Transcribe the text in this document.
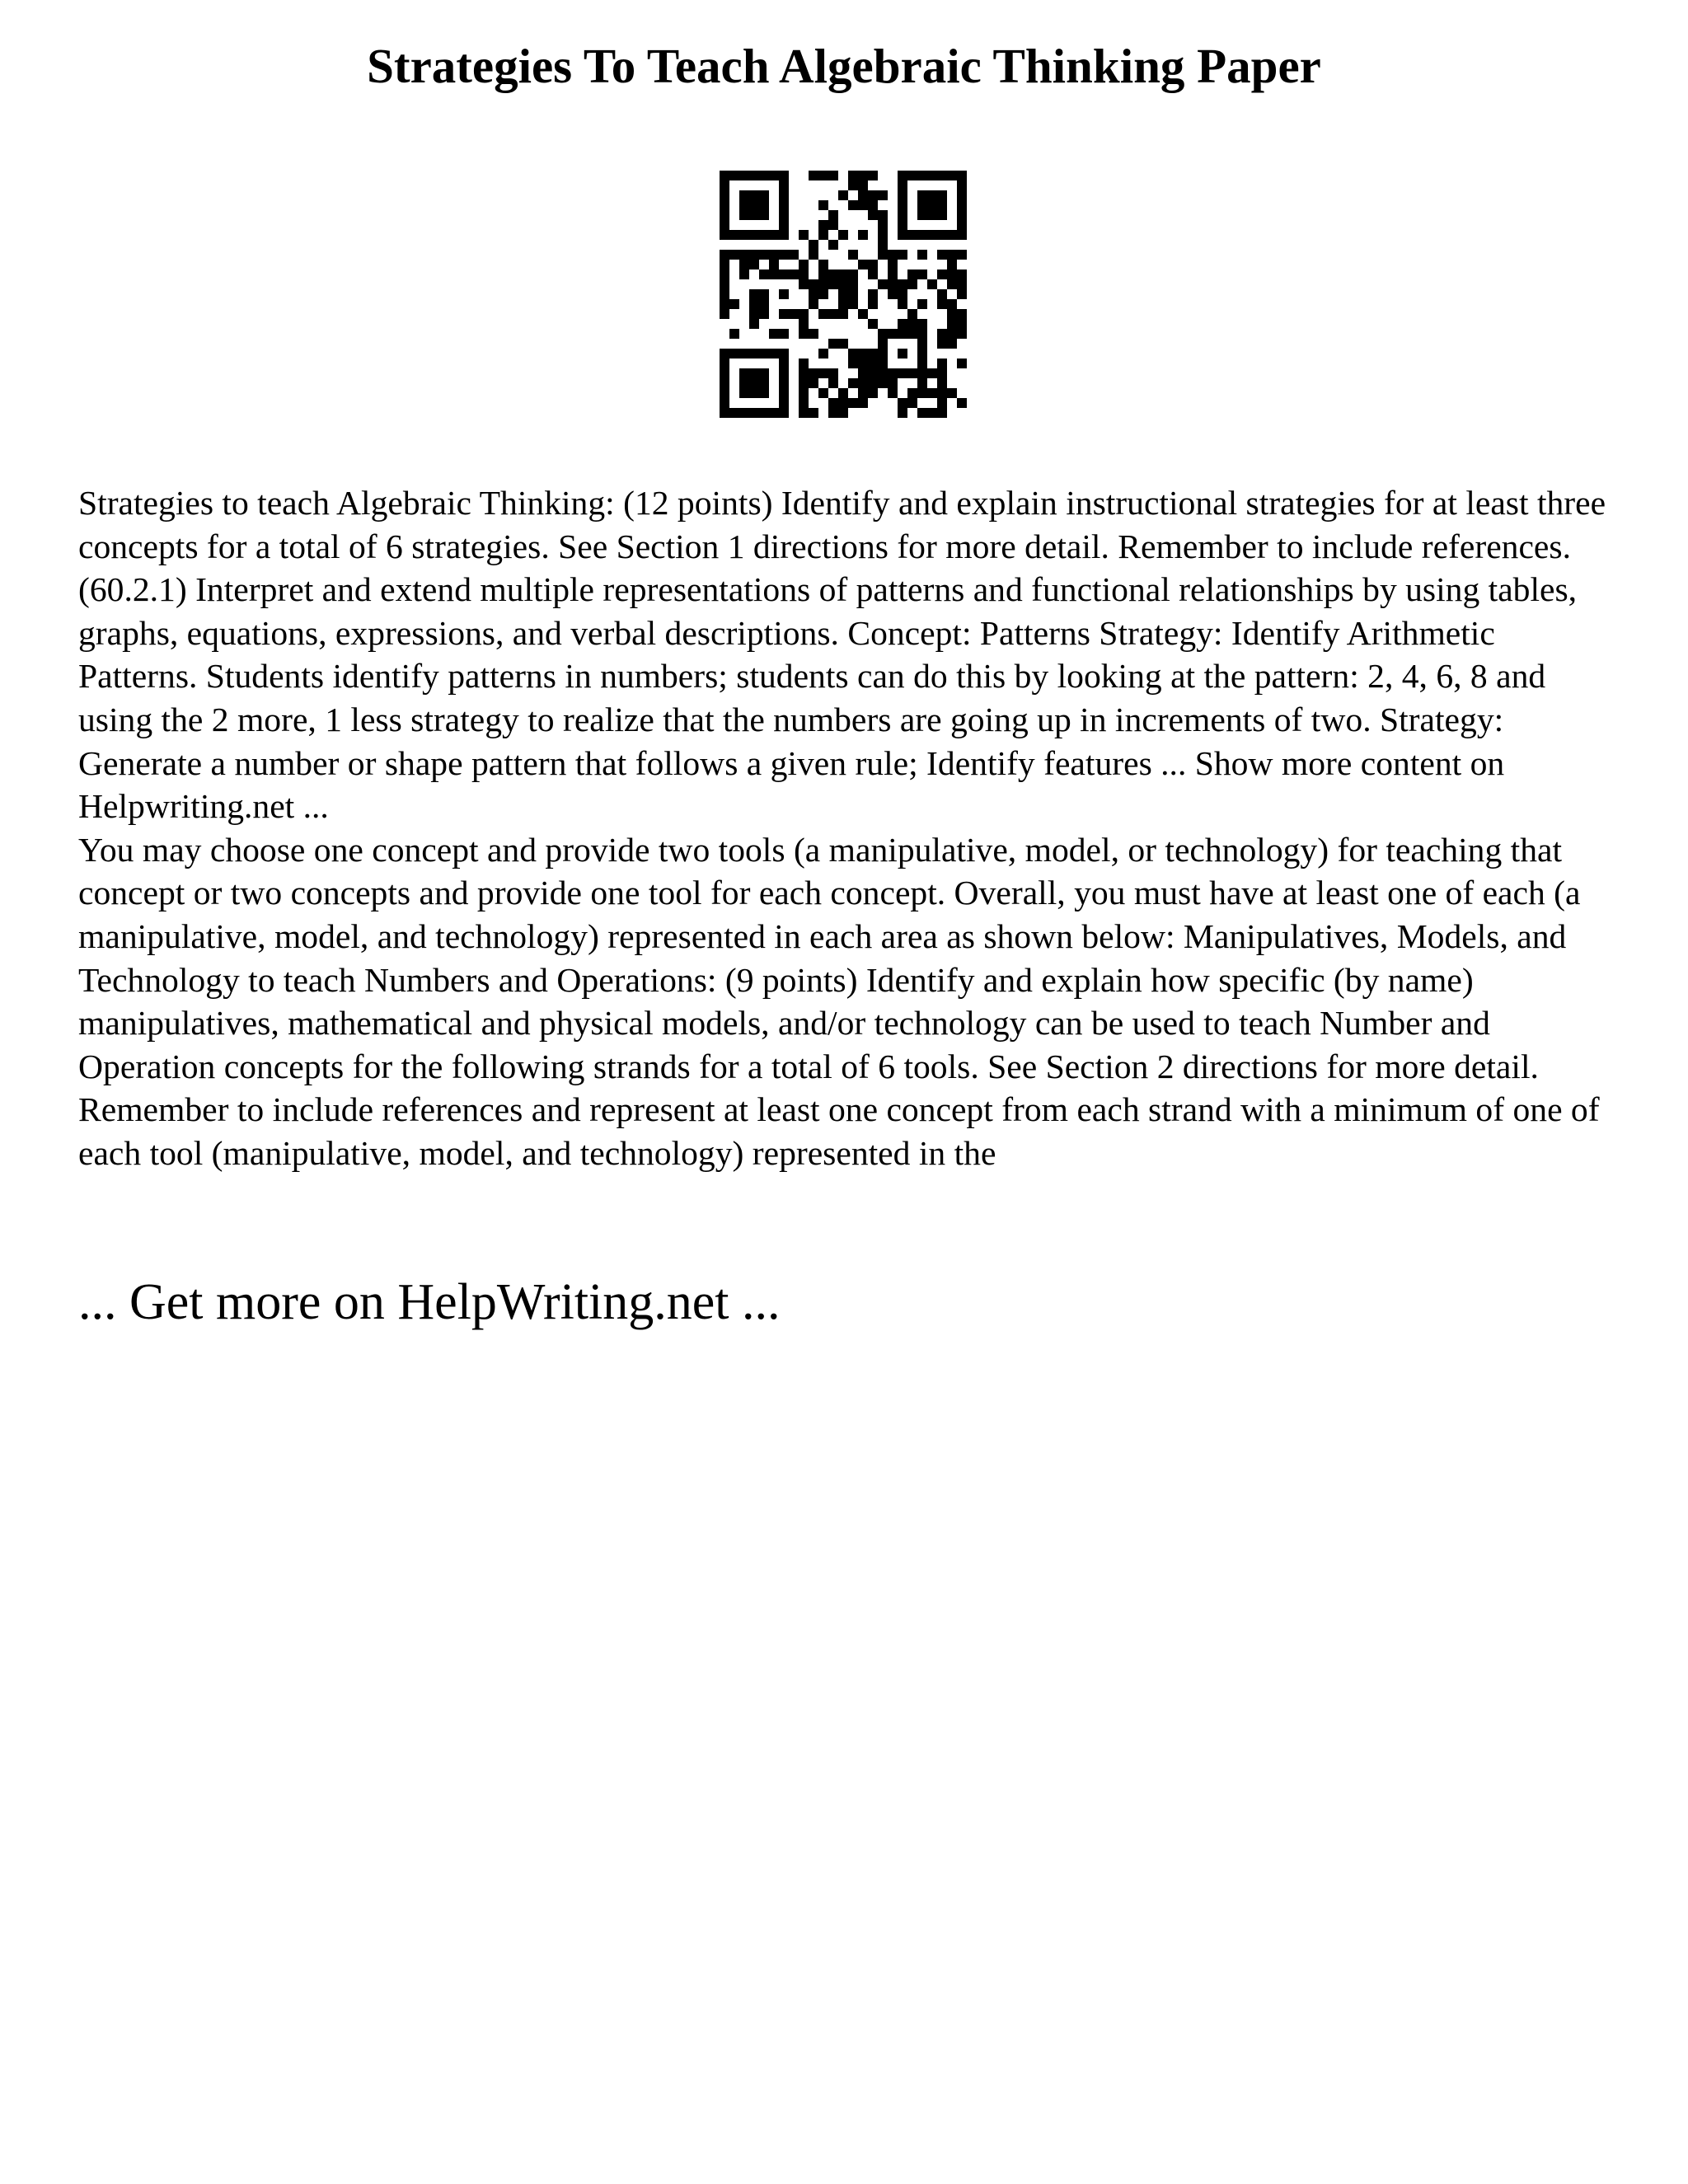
Strategies To Teach Algebraic Thinking Paper

Strategies to teach Algebraic Thinking: (12 points) Identify and explain instructional strategies for at least three concepts for a total of 6 strategies. See Section 1 directions for more detail. Remember to include references. (60.2.1) Interpret and extend multiple representations of patterns and functional relationships by using tables, graphs, equations, expressions, and verbal descriptions. Concept: Patterns Strategy: Identify Arithmetic Patterns. Students identify patterns in numbers; students can do this by looking at the pattern: 2, 4, 6, 8 and using the 2 more, 1 less strategy to realize that the numbers are going up in increments of two. Strategy: Generate a number or shape pattern that follows a given rule; Identify features ... Show more content on Helpwriting.net ...

You may choose one concept and provide two tools (a manipulative, model, or technology) for teaching that concept or two concepts and provide one tool for each concept. Overall, you must have at least one of each (a manipulative, model, and technology) represented in each area as shown below: Manipulatives, Models, and Technology to teach Numbers and Operations: (9 points) Identify and explain how specific (by name) manipulatives, mathematical and physical models, and/or technology can be used to teach Number and Operation concepts for the following strands for a total of 6 tools. See Section 2 directions for more detail. Remember to include references and represent at least one concept from each strand with a minimum of one of each tool (manipulative, model, and technology) represented in the

... Get more on HelpWriting.net ...
